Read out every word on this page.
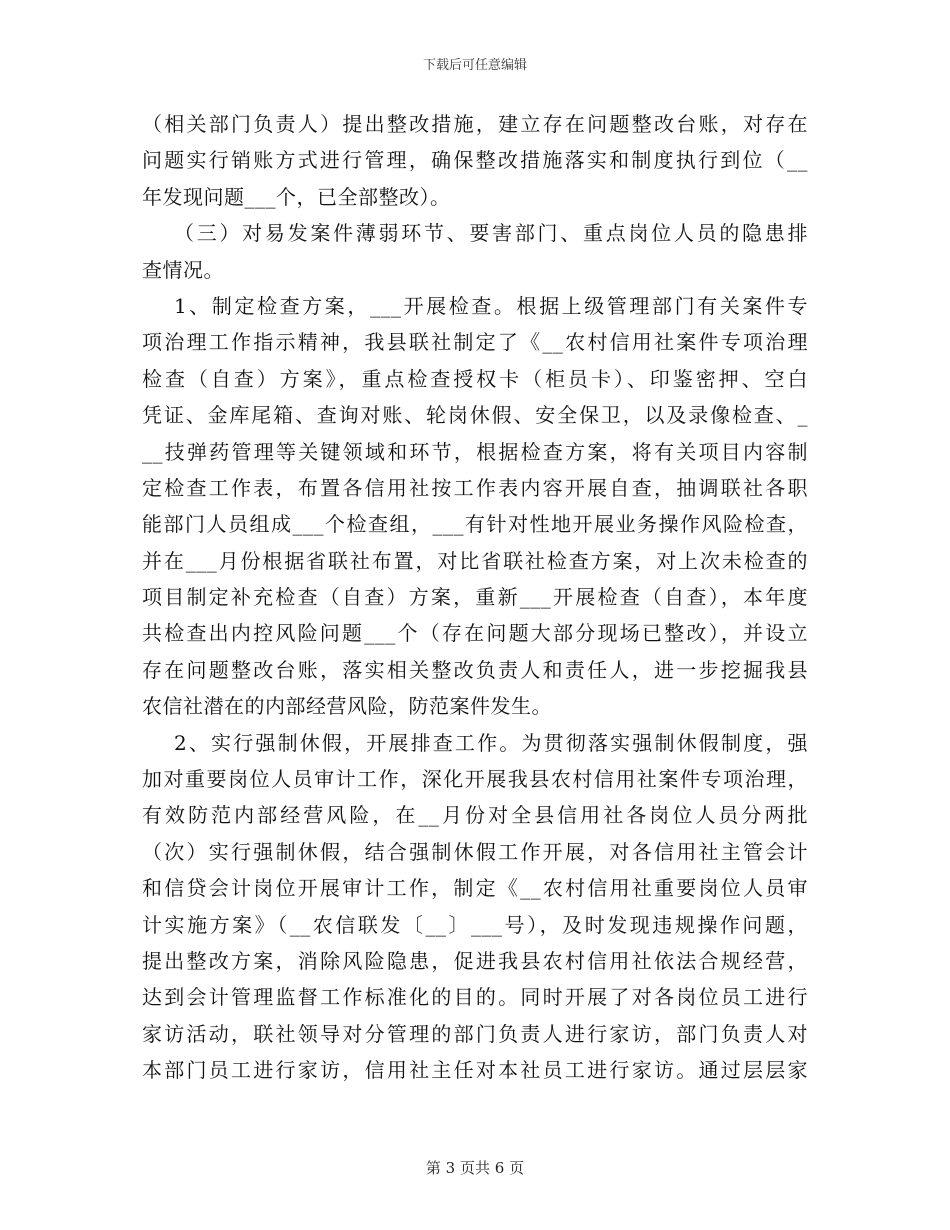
下载后可任意编辑
（相关部门负责人）提出整改措施，建立存在问题整改台账，对存在
问题实行销账方式进行管理，确保整改措施落实和制度执行到位（__
年发现问题___个，已全部整改）。
（三）对易发案件薄弱环节、要害部门、重点岗位人员的隐患排
查情况。
1、制定检查方案，___开展检查。根据上级管理部门有关案件专
项治理工作指示精神，我县联社制定了《__农村信用社案件专项治理
检查（自查）方案》，重点检查授权卡（柜员卡）、印鉴密押、空白
凭证、金库尾箱、查询对账、轮岗休假、安全保卫，以及录像检查、_
__技弹药管理等关键领域和环节，根据检查方案，将有关项目内容制
定检查工作表，布置各信用社按工作表内容开展自查，抽调联社各职
能部门人员组成___个检查组，___有针对性地开展业务操作风险检查，
并在___月份根据省联社布置，对比省联社检查方案，对上次未检查的
项目制定补充检查（自查）方案，重新___开展检查（自查），本年度
共检查出内控风险问题___个（存在问题大部分现场已整改），并设立
存在问题整改台账，落实相关整改负责人和责任人，进一步挖掘我县
农信社潜在的内部经营风险，防范案件发生。
2、实行强制休假，开展排查工作。为贯彻落实强制休假制度，强
加对重要岗位人员审计工作，深化开展我县农村信用社案件专项治理，
有效防范内部经营风险，在__月份对全县信用社各岗位人员分两批
（次）实行强制休假，结合强制休假工作开展，对各信用社主管会计
和信贷会计岗位开展审计工作，制定《__农村信用社重要岗位人员审
计实施方案》（__农信联发〔__〕___号），及时发现违规操作问题，
提出整改方案，消除风险隐患，促进我县农村信用社依法合规经营，
达到会计管理监督工作标准化的目的。同时开展了对各岗位员工进行
家访活动，联社领导对分管理的部门负责人进行家访，部门负责人对
本部门员工进行家访，信用社主任对本社员工进行家访。通过层层家
第 3 页共 6 页
